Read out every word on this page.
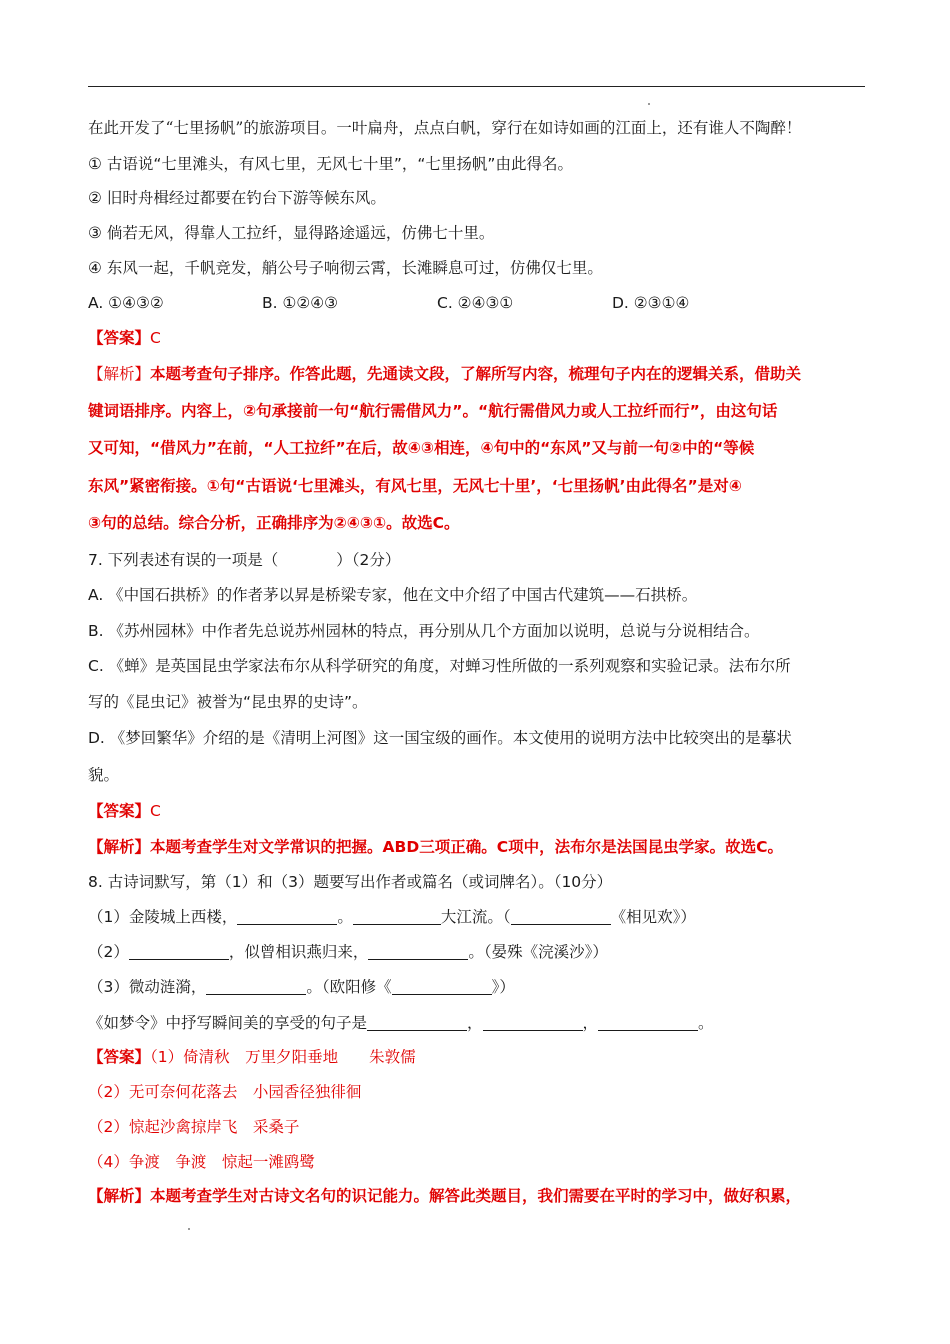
在此开发了“七里扬帆”的旅游项目。一叶扁舟，点点白帆，穿行在如诗如画的江面上，还有谁人不陶醉！
① 古语说“七里滩头，有风七里，无风七十里”，“七里扬帆”由此得名。
② 旧时舟楫经过都要在钓台下游等候东风。
③ 倘若无风，得靠人工拉纤，显得路途遥远，仿佛七十里。
④ 东风一起，千帆竞发，艄公号子响彻云霄，长滩瞬息可过，仿佛仅七里。
A. ①④③②	B. ①②④③	C. ②④③①	D. ②③①④
【答案】C
【解析】本题考查句子排序。作答此题，先通读文段，了解所写内容，梳理句子内在的逻辑关系，借助关
键词语排序。内容上，②句承接前一句“航行需借风力”。“航行需借风力或人工拉纤而行”，由这句话
又可知，“借风力”在前，“人工拉纤”在后，故④③相连，④句中的“东风”又与前一句②中的“等候
东风”紧密衔接。①句“古语说‘七里滩头，有风七里，无风七十里’，‘七里扬帆’由此得名”是对④
③句的总结。综合分析，正确排序为②④③①。故选C。
7. 下列表述有误的一项是（	）（2分）
A. 《中国石拱桥》的作者茅以昇是桥梁专家，他在文中介绍了中国古代建筑——石拱桥。
B. 《苏州园林》中作者先总说苏州园林的特点，再分别从几个方面加以说明，总说与分说相结合。
C. 《蝉》是英国昆虫学家法布尔从科学研究的角度，对蝉习性所做的一系列观察和实验记录。法布尔所
写的《昆虫记》被誉为“昆虫界的史诗”。
D. 《梦回繁华》介绍的是《清明上河图》这一国宝级的画作。本文使用的说明方法中比较突出的是摹状
貌。
【答案】C
【解析】本题考查学生对文学常识的把握。ABD三项正确。C项中，法布尔是法国昆虫学家。故选C。
8. 古诗词默写，第（1）和（3）题要写出作者或篇名（或词牌名）。（10分）
（1）金陵城上西楼，	。	大江流。（	《相见欢》）
（2）	，似曾相识燕归来，	。（晏殊《浣溪沙》）
（3）微动涟漪，	。（欧阳修《	》）
《如梦令》中抒写瞬间美的享受的句子是	，	，	。
【答案】（1）倚清秋　万里夕阳垂地　　朱敦儒
（2）无可奈何花落去　小园香径独徘徊
（2）惊起沙禽掠岸飞　采桑子
（4）争渡　争渡　惊起一滩鸥鹭
【解析】本题考查学生对古诗文名句的识记能力。解答此类题目，我们需要在平时的学习中，做好积累，
